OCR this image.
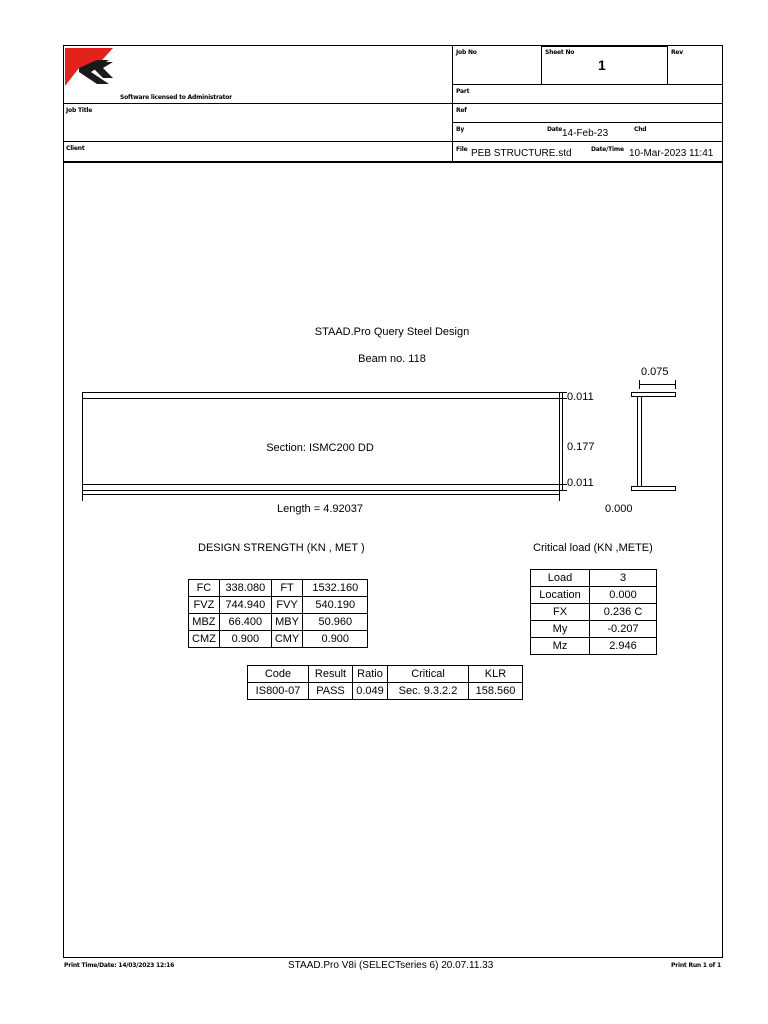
Software licensed to Administrator
Job Title
Client
Job No	Sheet No
1
Rev
Part
Ref
By	Date 14-Feb-23	Chd
File PEB STRUCTURE.std	Date/Time 10-Mar-2023 11:41
STAAD.Pro Query Steel Design
Beam no. 118
Section: ISMC200 DD
Length = 4.92037
0.011
0.177
0.011
0.075
0.000
DESIGN STRENGTH (KN , MET )	Critical load (KN ,METE)
FC	338.080	FT	1532.160
FVZ	744.940	FVY	540.190
MBZ	66.400	MBY	50.960
CMZ	0.900	CMY	0.900
Load	3
Location	0.000
FX	0.236 C
My	-0.207
Mz	2.946
Code	Result	Ratio	Critical	KLR
IS800-07	PASS	0.049	Sec. 9.3.2.2	158.560
Print Time/Date: 14/03/2023 12:16	STAAD.Pro V8i (SELECTseries 6) 20.07.11.33	Print Run 1 of 1
